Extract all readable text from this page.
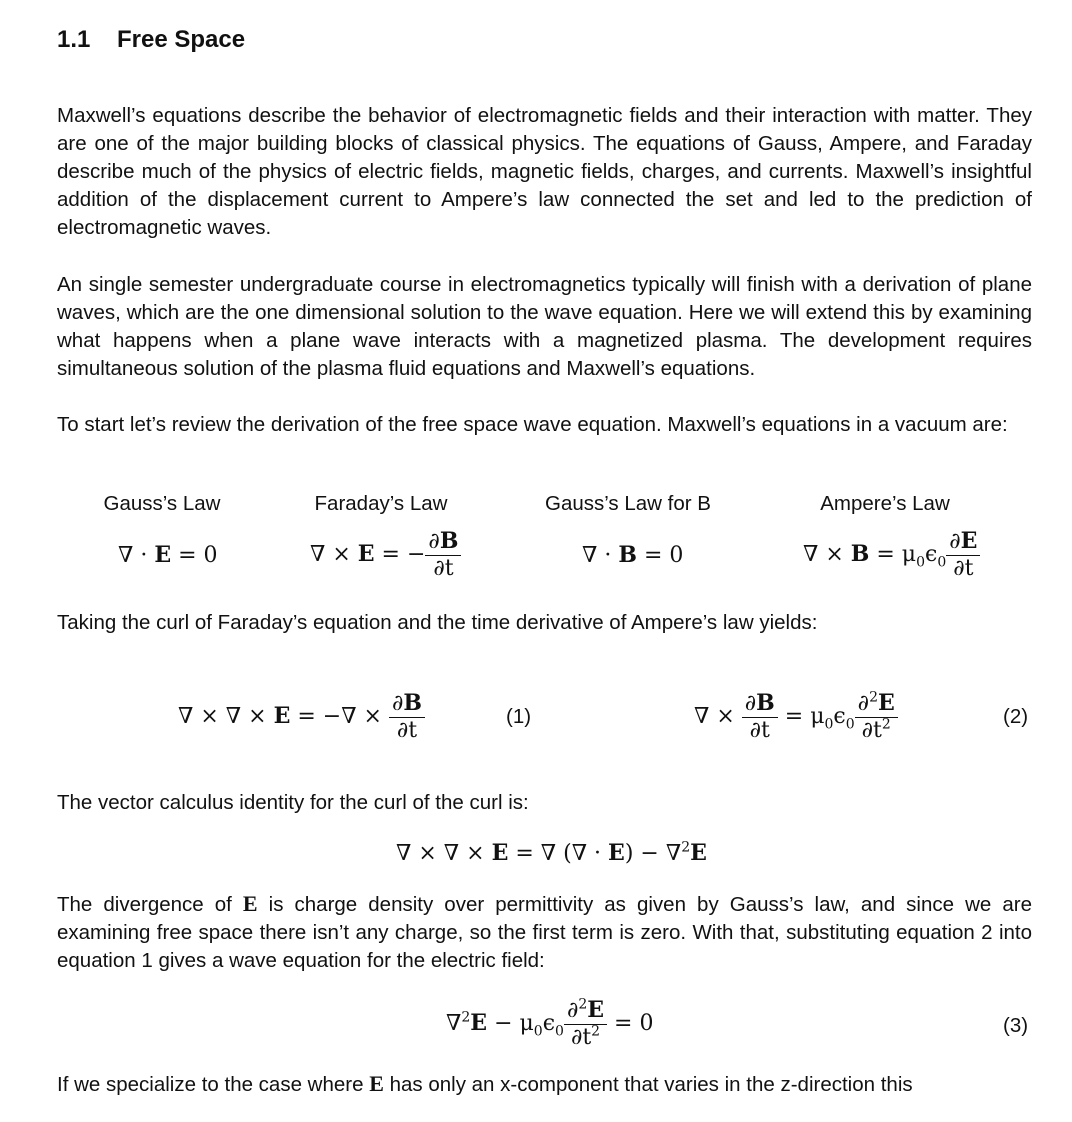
1.1 Free Space
Maxwell’s equations describe the behavior of electromagnetic fields and their interaction with matter. They are one of the major building blocks of classical physics. The equations of Gauss, Ampere, and Faraday describe much of the physics of electric fields, magnetic fields, charges, and currents. Maxwell’s insightful addition of the displacement current to Ampere’s law connected the set and led to the prediction of electromagnetic waves.
An single semester undergraduate course in electromagnetics typically will finish with a derivation of plane waves, which are the one dimensional solution to the wave equation. Here we will extend this by examining what happens when a plane wave interacts with a magnetized plasma. The development requires simultaneous solution of the plasma fluid equations and Maxwell’s equations.
To start let’s review the derivation of the free space wave equation. Maxwell’s equations in a vacuum are:
Gauss’s Law	Faraday’s Law	Gauss’s Law for B	Ampere’s Law
∇ · E = 0	∇ × E = − $\frac{\partial B}{\partial t}$	∇ · B = 0	∇ × $B = \mu_0\epsilon_0 \frac{\partial E}{\partial t}$
Taking the curl of Faraday’s equation and the time derivative of Ampere’s law yields:
∇ × ∇ × E = −∇ × $\frac{\partial B}{\partial t}$	(1)	∇ × $\frac{\partial B}{\partial t} = \mu_0\epsilon_0 \frac{\partial^2E}{\partial t^2}$	(2)
The vector calculus identity for the curl of the curl is:
∇ × ∇ × E = ∇ (∇ · E) − ∇$^2$E
The divergence of E is charge density over permittivity as given by Gauss’s law, and since we are examining free space there isn’t any charge, so the first term is zero. With that, substituting equation 2 into equation 1 gives a wave equation for the electric field:
$\nabla^2E - \mu_0\epsilon_0 \frac{\partial^2E}{\partial t^2} = 0$	(3)
If we specialize to the case where E has only an x-component that varies in the z-direction this
